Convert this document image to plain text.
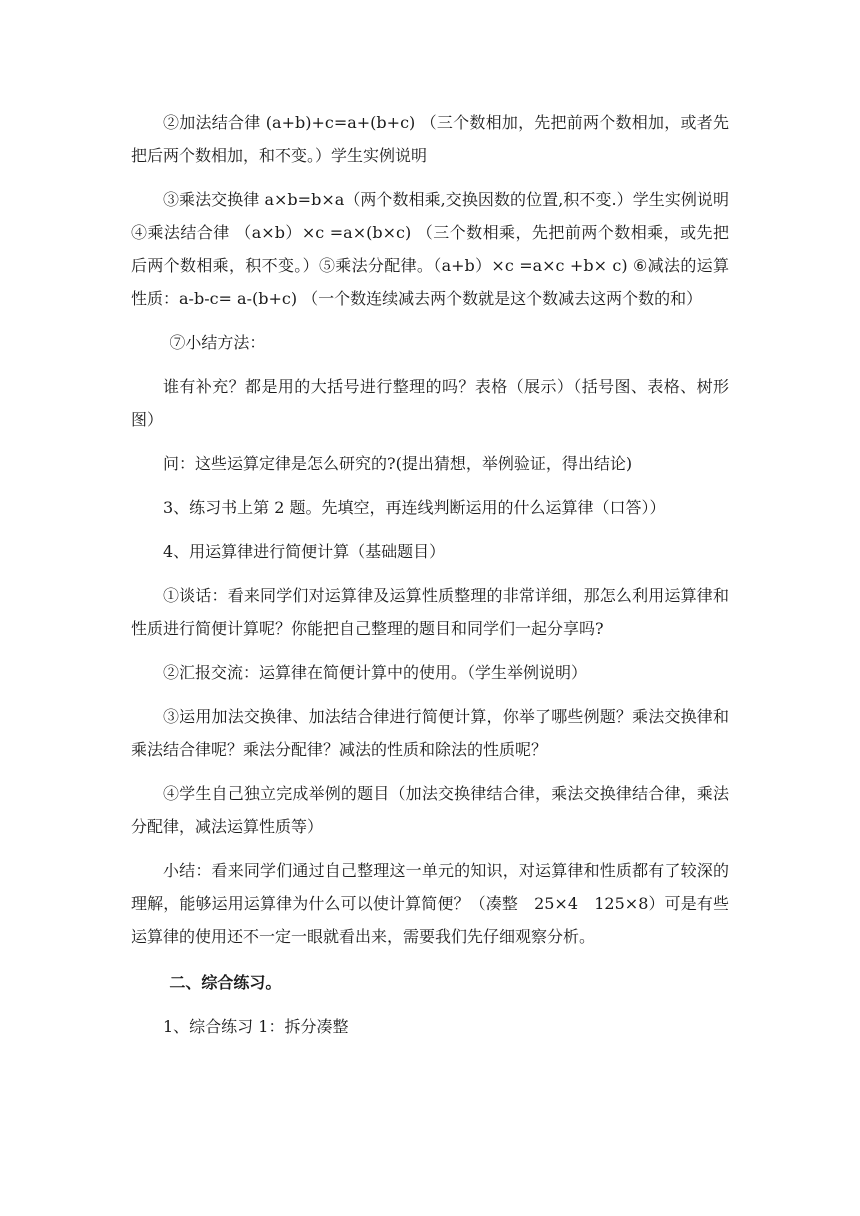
②加法结合律 (a+b)+c=a+(b+c) （三个数相加，先把前两个数相加，或者先把后两个数相加，和不变。）学生实例说明

③乘法交换律 a×b=b×a（两个数相乘,交换因数的位置,积不变.）学生实例说明 ④乘法结合律 （a×b）×c =a×(b×c) （三个数相乘，先把前两个数相乘，或先把后两个数相乘，积不变。）⑤乘法分配律。（a+b）×c =a×c +b× c) ⑥减法的运算性质：a-b-c= a-(b+c) （一个数连续减去两个数就是这个数减去这两个数的和）

⑦小结方法：

谁有补充？都是用的大括号进行整理的吗？表格（展示）（括号图、表格、树形图）

问：这些运算定律是怎么研究的?(提出猜想，举例验证，得出结论)

3、练习书上第 2 题。先填空，再连线判断运用的什么运算律（口答））

4、用运算律进行简便计算（基础题目）

①谈话：看来同学们对运算律及运算性质整理的非常详细，那怎么利用运算律和性质进行简便计算呢？你能把自己整理的题目和同学们一起分享吗?

②汇报交流：运算律在简便计算中的使用。（学生举例说明）

③运用加法交换律、加法结合律进行简便计算，你举了哪些例题？乘法交换律和乘法结合律呢？乘法分配律？减法的性质和除法的性质呢？

④学生自己独立完成举例的题目（加法交换律结合律，乘法交换律结合律，乘法分配律，减法运算性质等）

小结：看来同学们通过自己整理这一单元的知识，对运算律和性质都有了较深的理解，能够运用运算律为什么可以使计算简便？（凑整　25×4　125×8）可是有些运算律的使用还不一定一眼就看出来，需要我们先仔细观察分析。

二、综合练习。

1、综合练习 1：拆分凑整
